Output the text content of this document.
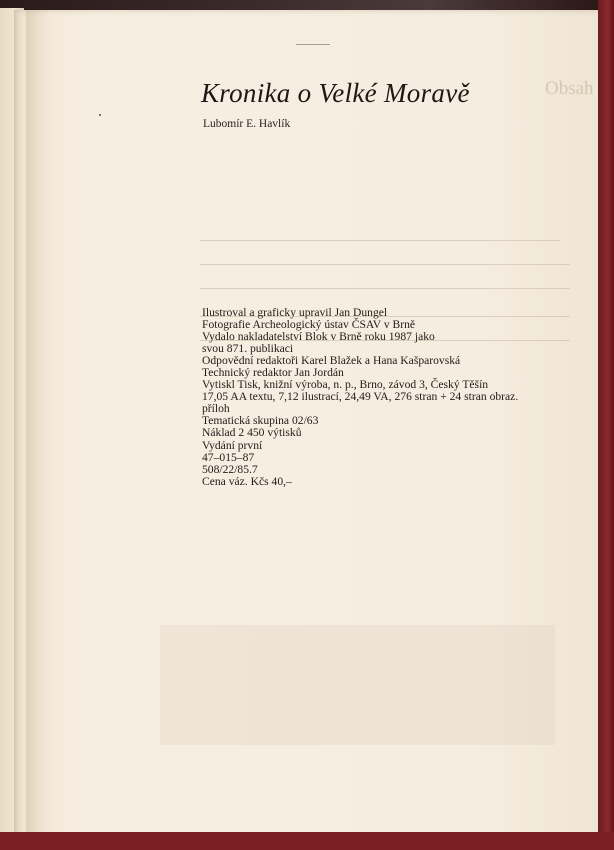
Obsah
Kronika o Velké Moravě

Lubomír E. Havlík

Ilustroval a graficky upravil Jan Dungel
Fotografie Archeologický ústav ČSAV v Brně
Vydalo nakladatelství Blok v Brně roku 1987 jako
svou 871. publikaci
Odpovědní redaktoři Karel Blažek a Hana Kašparovská
Technický redaktor Jan Jordán
Vytiskl Tisk, knižní výroba, n. p., Brno, závod 3, Český Těšín
17,05 AA textu, 7,12 ilustrací, 24,49 VA, 276 stran + 24 stran obraz.
příloh
Tematická skupina 02/63
Náklad 2 450 výtisků
Vydání první
47–015–87
508/22/85.7
Cena váz. Kčs 40,–
